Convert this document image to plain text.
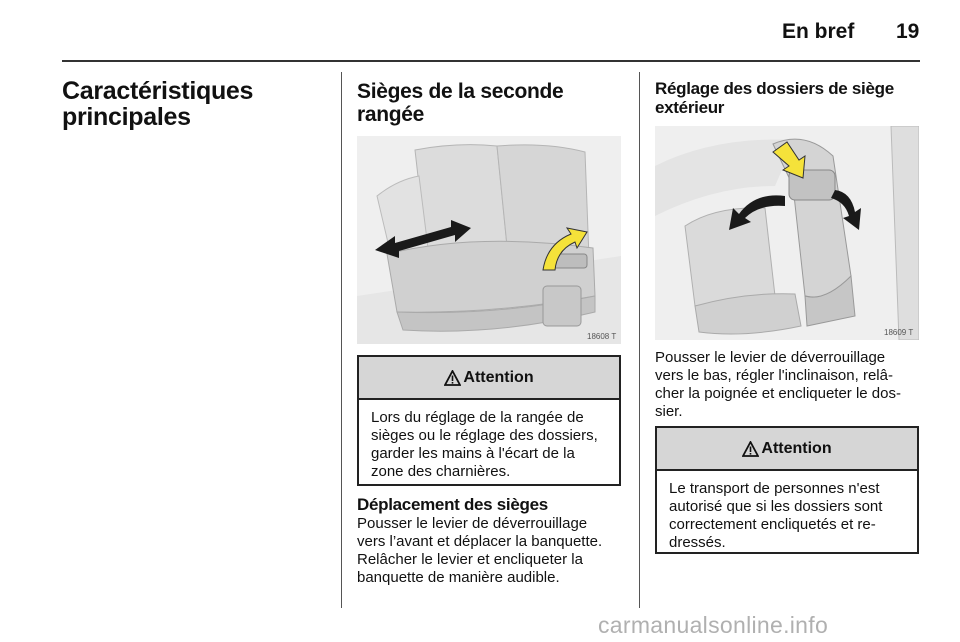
En bref 19
Caractéristiques
principales
Sièges de la seconde
rangée
18608 T
Attention
Lors du réglage de la rangée de
sièges ou le réglage des dossiers,
garder les mains à l'écart de la
zone des charnières.
Déplacement des sièges
Pousser le levier de déverrouillage
vers l’avant et déplacer la banquette.
Relâcher le levier et encliqueter la
banquette de manière audible.
Réglage des dossiers de siège
extérieur
18609 T
Pousser le levier de déverrouillage
vers le bas, régler l'inclinaison, relâ-
cher la poignée et encliqueter le dos-
sier.
Attention
Le transport de personnes n'est
autorisé que si les dossiers sont
correctement encliquetés et re-
dressés.
carmanualsonline.info
